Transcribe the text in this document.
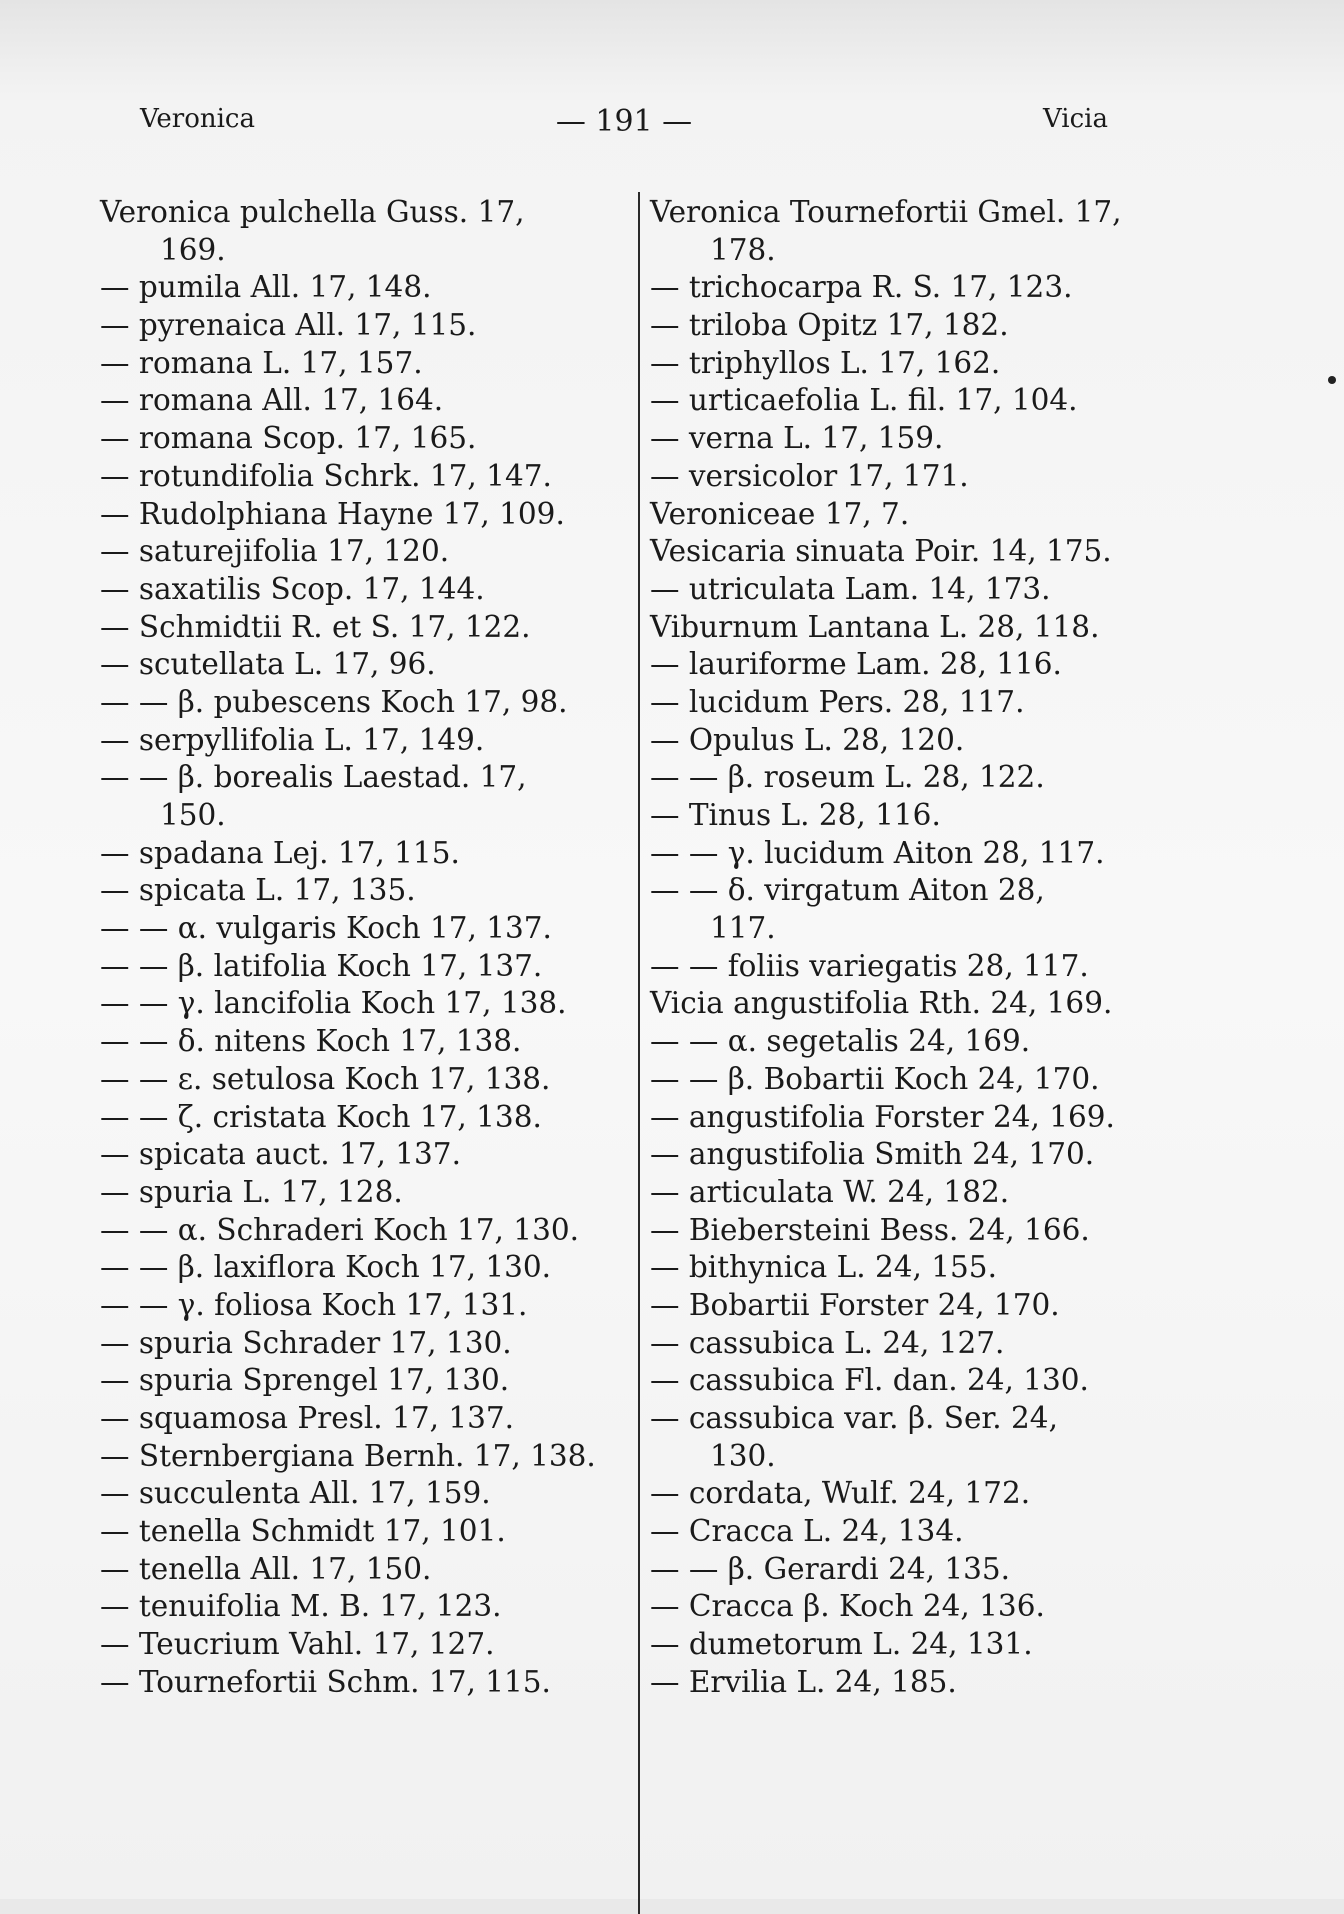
Veronica	— 191 —	Vicia
Veronica pulchella Guss. 17,
169.
— pumila All. 17, 148.
— pyrenaica All. 17, 115.
— romana L. 17, 157.
— romana All. 17, 164.
— romana Scop. 17, 165.
— rotundifolia Schrk. 17, 147.
— Rudolphiana Hayne 17, 109.
— saturejifolia 17, 120.
— saxatilis Scop. 17, 144.
— Schmidtii R. et S. 17, 122.
— scutellata L. 17, 96.
— — β. pubescens Koch 17, 98.
— serpyllifolia L. 17, 149.
— — β. borealis Laestad. 17,
150.
— spadana Lej. 17, 115.
— spicata L. 17, 135.
— — α. vulgaris Koch 17, 137.
— — β. latifolia Koch 17, 137.
— — γ. lancifolia Koch 17, 138.
— — δ. nitens Koch 17, 138.
— — ε. setulosa Koch 17, 138.
— — ζ. cristata Koch 17, 138.
— spicata auct. 17, 137.
— spuria L. 17, 128.
— — α. Schraderi Koch 17, 130.
— — β. laxiflora Koch 17, 130.
— — γ. foliosa Koch 17, 131.
— spuria Schrader 17, 130.
— spuria Sprengel 17, 130.
— squamosa Presl. 17, 137.
— Sternbergiana Bernh. 17, 138.
— succulenta All. 17, 159.
— tenella Schmidt 17, 101.
— tenella All. 17, 150.
— tenuifolia M. B. 17, 123.
— Teucrium Vahl. 17, 127.
— Tournefortii Schm. 17, 115.
Veronica Tournefortii Gmel. 17,
178.
— trichocarpa R. S. 17, 123.
— triloba Opitz 17, 182.
— triphyllos L. 17, 162.
— urticaefolia L. fil. 17, 104.
— verna L. 17, 159.
— versicolor 17, 171.
Veroniceae 17, 7.
Vesicaria sinuata Poir. 14, 175.
— utriculata Lam. 14, 173.
Viburnum Lantana L. 28, 118.
— lauriforme Lam. 28, 116.
— lucidum Pers. 28, 117.
— Opulus L. 28, 120.
— — β. roseum L. 28, 122.
— Tinus L. 28, 116.
— — γ. lucidum Aiton 28, 117.
— — δ. virgatum Aiton 28,
117.
— — foliis variegatis 28, 117.
Vicia angustifolia Rth. 24, 169.
— — α. segetalis 24, 169.
— — β. Bobartii Koch 24, 170.
— angustifolia Forster 24, 169.
— angustifolia Smith 24, 170.
— articulata W. 24, 182.
— Biebersteini Bess. 24, 166.
— bithynica L. 24, 155.
— Bobartii Forster 24, 170.
— cassubica L. 24, 127.
— cassubica Fl. dan. 24, 130.
— cassubica var. β. Ser. 24,
130.
— cordata, Wulf. 24, 172.
— Cracca L. 24, 134.
— — β. Gerardi 24, 135.
— Cracca β. Koch 24, 136.
— dumetorum L. 24, 131.
— Ervilia L. 24, 185.
